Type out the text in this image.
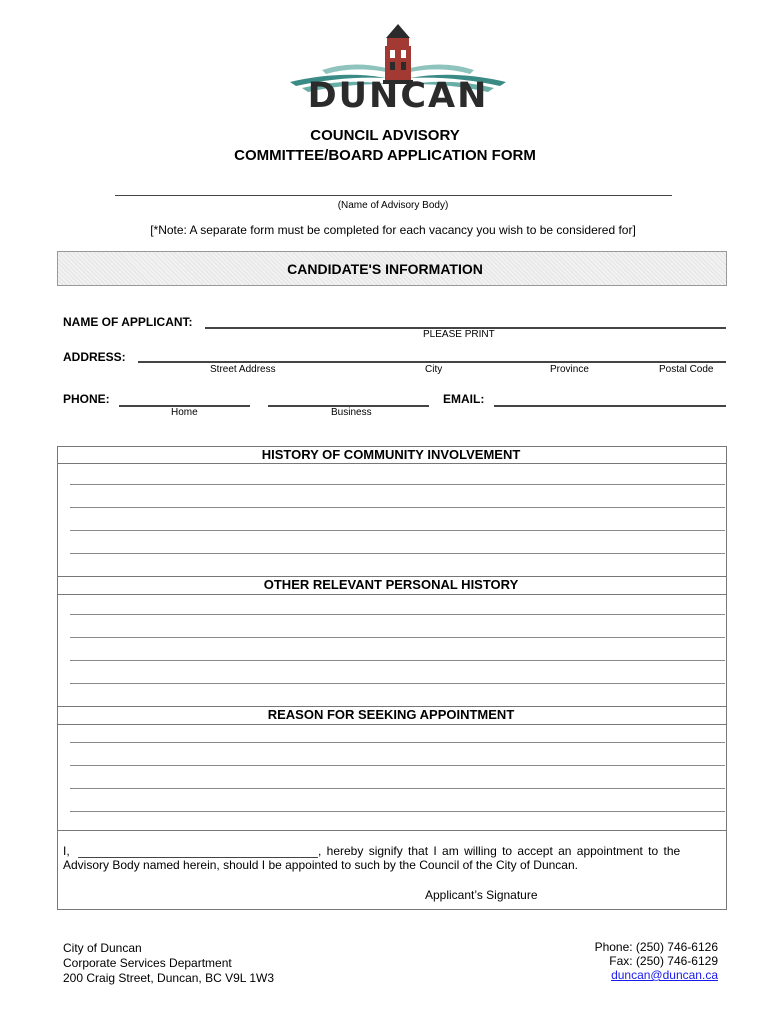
DUNCAN
COUNCIL ADVISORY
COMMITTEE/BOARD APPLICATION FORM
(Name of Advisory Body)
[*Note: A separate form must be completed for each vacancy you wish to be considered for]
CANDIDATE'S INFORMATION
NAME OF APPLICANT:
PLEASE PRINT
ADDRESS:
Street Address	City	Province	Postal Code
PHONE:
Home	Business
EMAIL:
HISTORY OF COMMUNITY INVOLVEMENT
OTHER RELEVANT PERSONAL HISTORY
REASON FOR SEEKING APPOINTMENT
I,	, hereby signify that I am willing to accept an appointment to the
Advisory Body named herein, should I be appointed to such by the Council of the City of Duncan.
Applicant’s Signature
City of Duncan
Corporate Services Department
200 Craig Street, Duncan, BC V9L 1W3
Phone: (250) 746-6126
Fax: (250) 746-6129
duncan@duncan.ca
